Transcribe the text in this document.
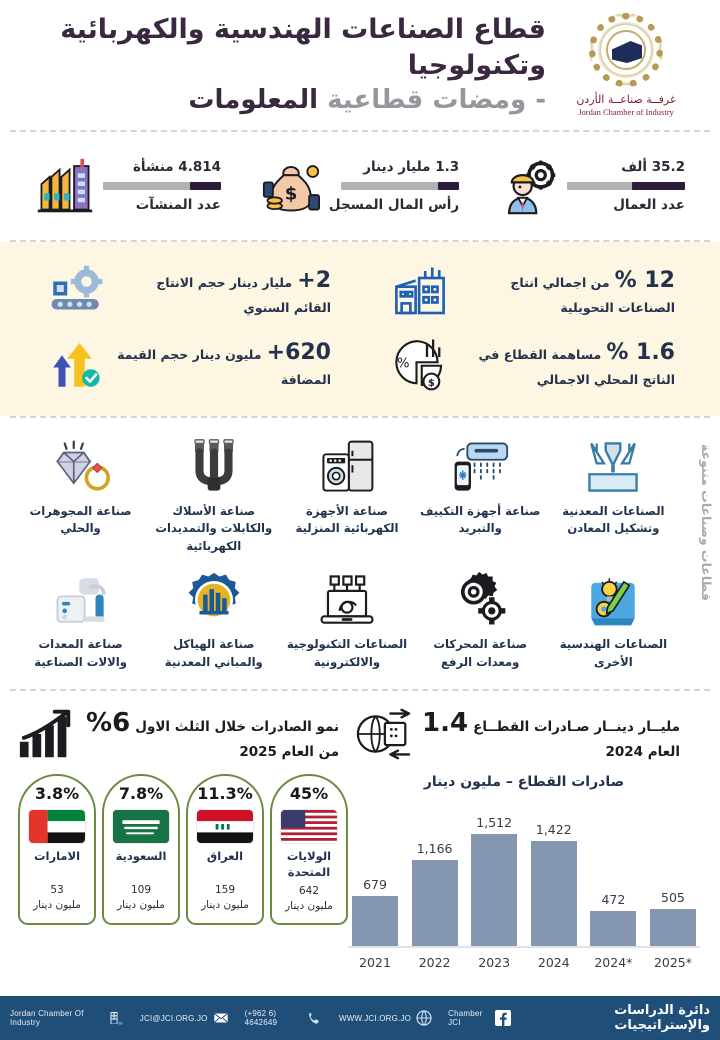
غرفــة صناعــة الأردن
Jordan Chamber of Industry
قطاع الصناعات الهندسية والكهربائية وتكنولوجيا
- ومضات قطاعية المعلومات
35.2 ألف
عدد العمال
1.3 مليار دينار
رأس المال المسجل
$
4.814 منشأة
عدد المنشآت
12 % من اجمالي انتاج الصناعات التحويلية
2+ مليار دينار حجم الانتاج القائم السنوي
1.6 % مساهمة القطاع في الناتج المحلي الاجمالي
%
$
620+ مليون دينار حجم القيمة المضافة
قطاعات وصناعات متنوعة
الصناعات المعدنية وتشكيل المعادن
صناعة أجهزة التكييف والتبريد
صناعة الأجهزة الكهربائية المنزلية
صناعة الأسلاك والكابلات والتمديدات الكهربائية
صناعة المجوهرات والحلي
الصناعات الهندسية الأخرى
صناعة المحركات ومعدات الرفع
الصناعات التكنولوجية والالكترونية
صناعة الهياكل والمباني المعدنية
صناعة المعدات والالات الصناعية
مليــار دينــار صـادرات القطــاع 1.4
العام 2024
صادرات القطاع – مليون دينار
679
1,166
1,512 1,422
472	505
2021	2022	2023	2024	2024*	2025*
نمو الصادرات خلال الثلث الاول 6%
من العام 2025
3.8%
الامارات
53
مليون دينار
7.8%
السعودية
109
مليون دينار
11.3%
العراق
159
مليون دينار
45%
الولايات المتحدة
642
مليون دينار
دائرة الدراسات والإستراتيجيات
Chamber JCI
WWW.JCI.ORG.JO
(+962 6) 4642649
JCI@JCI.ORG.JO
Jordan Chamber Of Industry
